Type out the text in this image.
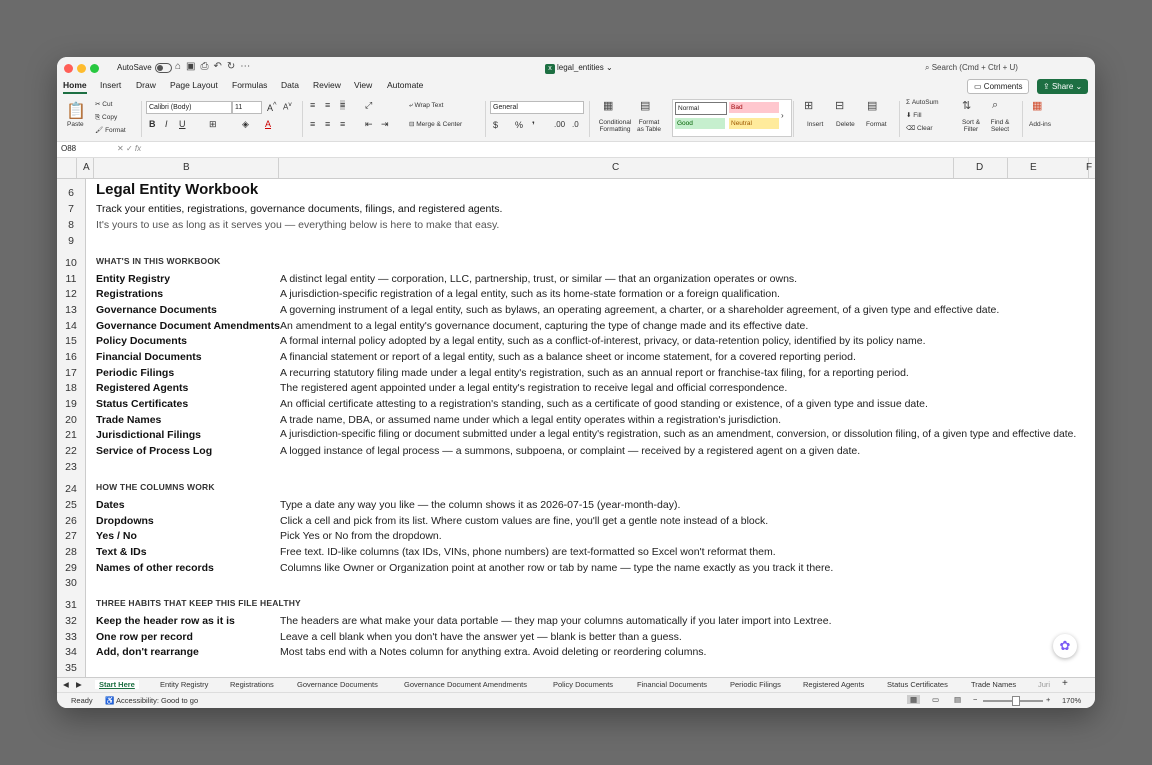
AutoSave	⌂▣⎙↶↻⋯	x legal_entities ⌄	⌕ Search (Cmd + Ctrl + U)
Home Insert Draw Page Layout Formulas Data Review View Automate	▭ Comments	⇪ Share ⌄
📋
Paste
✂ Cut
⎘ Copy
🖌 Format
Calibri (Body)	11	A^ $A^v$
B I U	⊞	◈ A
≡ ≡ ≡
≡ ≡ ≡
⤢
⇤ ⇥
⤶ Wrap Text
⊟ Merge & Center
General
$ % ❜ .00 .0
▦
Conditional Formatting
▤
Format as Table
Normal	Bad
Good	Neutral
›
⊞
Insert
⊟
Delete
▤
Format
Σ AutoSum
⬇ Fill
⌫ Clear
⇅
Sort & Filter
⌕
Find & Select
▦
Add-ins
O88	✕ ✓ fx
A	B	C	D	E	F
6
7
8
9
10
11
12
13
14
15
16
17
18
19
20
21
22
23
24
25
26
27
28
29
30
31
32
33
34
35
Legal Entity Workbook
Track your entities, registrations, governance documents, filings, and registered agents.
It's yours to use as long as it serves you — everything below is here to make that easy.
WHAT'S IN THIS WORKBOOK
Entity Registry	A distinct legal entity — corporation, LLC, partnership, trust, or similar — that an organization operates or owns.
Registrations	A jurisdiction-specific registration of a legal entity, such as its home-state formation or a foreign qualification.
Governance Documents	A governing instrument of a legal entity, such as bylaws, an operating agreement, a charter, or a shareholder agreement, of a given type and effective date.
Governance Document Amendments An amendment to a legal entity's governance document, capturing the type of change made and its effective date.
Policy Documents	A formal internal policy adopted by a legal entity, such as a conflict-of-interest, privacy, or data-retention policy, identified by its policy name.
Financial Documents	A financial statement or report of a legal entity, such as a balance sheet or income statement, for a covered reporting period.
Periodic Filings	A recurring statutory filing made under a legal entity's registration, such as an annual report or franchise-tax filing, for a reporting period.
Registered Agents	The registered agent appointed under a legal entity's registration to receive legal and official correspondence.
Status Certificates	An official certificate attesting to a registration's standing, such as a certificate of good standing or existence, of a given type and issue date.
Trade Names	A trade name, DBA, or assumed name under which a legal entity operates within a registration's jurisdiction.
Jurisdictional Filings	A jurisdiction-specific filing or document submitted under a legal entity's registration, such as an amendment, conversion, or dissolution filing, of a given type and effective date.
Service of Process Log	A logged instance of legal process — a summons, subpoena, or complaint — received by a registered agent on a given date.
HOW THE COLUMNS WORK
Dates	Type a date any way you like — the column shows it as 2026-07-15 (year-month-day).
Dropdowns	Click a cell and pick from its list. Where custom values are fine, you'll get a gentle note instead of a block.
Yes / No	Pick Yes or No from the dropdown.
Text & IDs	Free text. ID-like columns (tax IDs, VINs, phone numbers) are text-formatted so Excel won't reformat them.
Names of other records	Columns like Owner or Organization point at another row or tab by name — type the name exactly as you track it there.
THREE HABITS THAT KEEP THIS FILE HEALTHY
Keep the header row as it is	The headers are what make your data portable — they map your columns automatically if you later import into Lextree.
One row per record	Leave a cell blank when you don't have the answer yet — blank is better than a guess.
Add, don't rearrange	Most tabs end with a Notes column for anything extra. Avoid deleting or reordering columns.	✿
◀ ▶	Start Here	Entity Registry	Registrations	Governance Documents	Governance Document Amendments	Policy Documents	Financial Documents	Periodic Filings	Registered Agents	Status Certificates	Trade Names	Juri +
Ready ♿ Accessibility: Good to go	▦	▭ ▤ −	+ 170%
